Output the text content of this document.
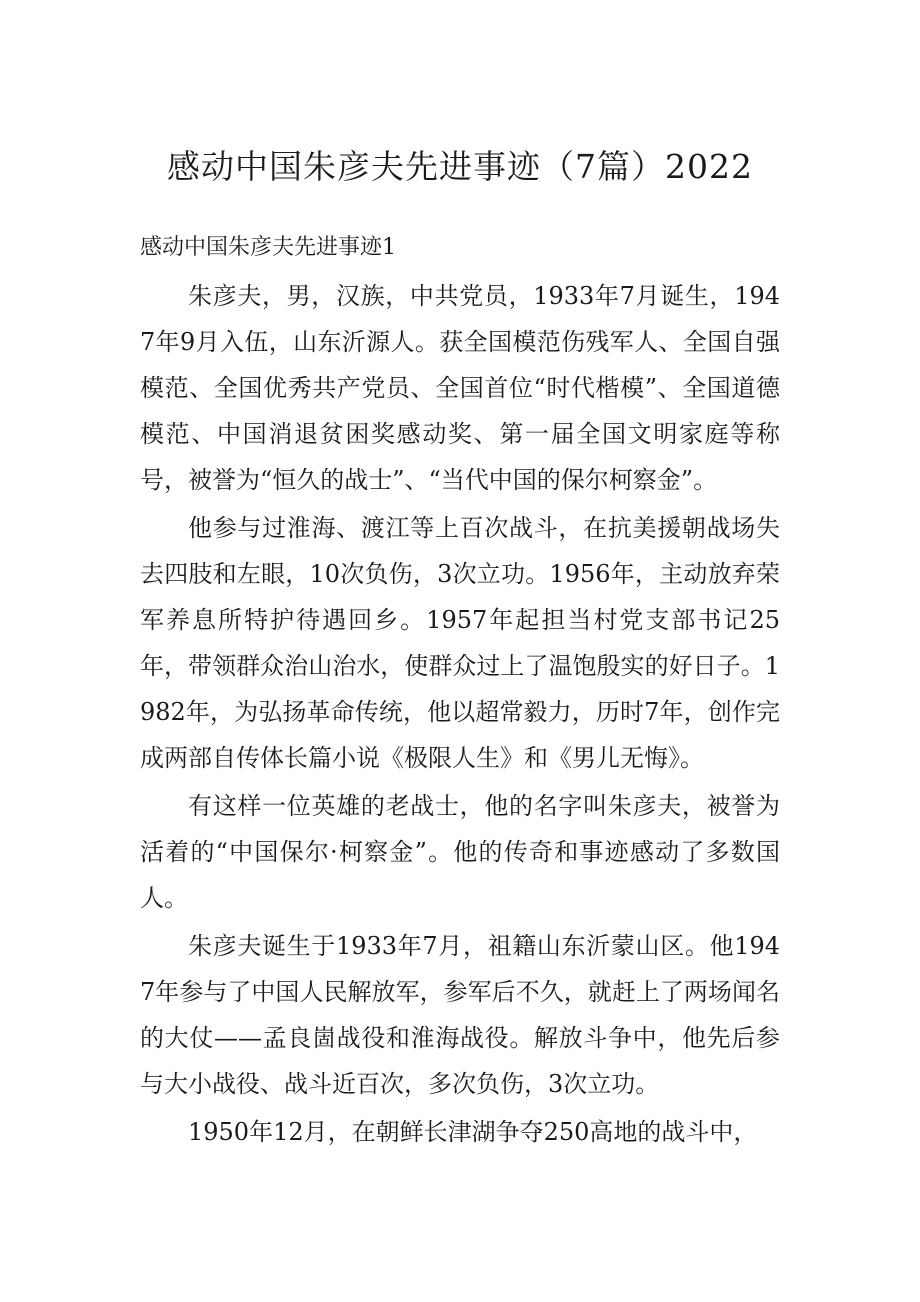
感动中国朱彦夫先进事迹（7篇）2022

感动中国朱彦夫先进事迹1

朱彦夫，男，汉族，中共党员，1933年7月诞生，1947年9月入伍，山东沂源人。获全国模范伤残军人、全国自强模范、全国优秀共产党员、全国首位“时代楷模”、全国道德模范、中国消退贫困奖感动奖、第一届全国文明家庭等称号，被誉为“恒久的战士”、“当代中国的保尔柯察金”。

他参与过淮海、渡江等上百次战斗，在抗美援朝战场失去四肢和左眼，10次负伤，3次立功。1956年，主动放弃荣军养息所特护待遇回乡。1957年起担当村党支部书记25年，带领群众治山治水，使群众过上了温饱殷实的好日子。1982年，为弘扬革命传统，他以超常毅力，历时7年，创作完成两部自传体长篇小说《极限人生》和《男儿无悔》。

有这样一位英雄的老战士，他的名字叫朱彦夫，被誉为活着的“中国保尔·柯察金”。他的传奇和事迹感动了多数国人。

朱彦夫诞生于1933年7月，祖籍山东沂蒙山区。他1947年参与了中国人民解放军，参军后不久，就赶上了两场闻名的大仗——孟良崮战役和淮海战役。解放斗争中，他先后参与大小战役、战斗近百次，多次负伤，3次立功。

1950年12月，在朝鲜长津湖争夺250高地的战斗中，
